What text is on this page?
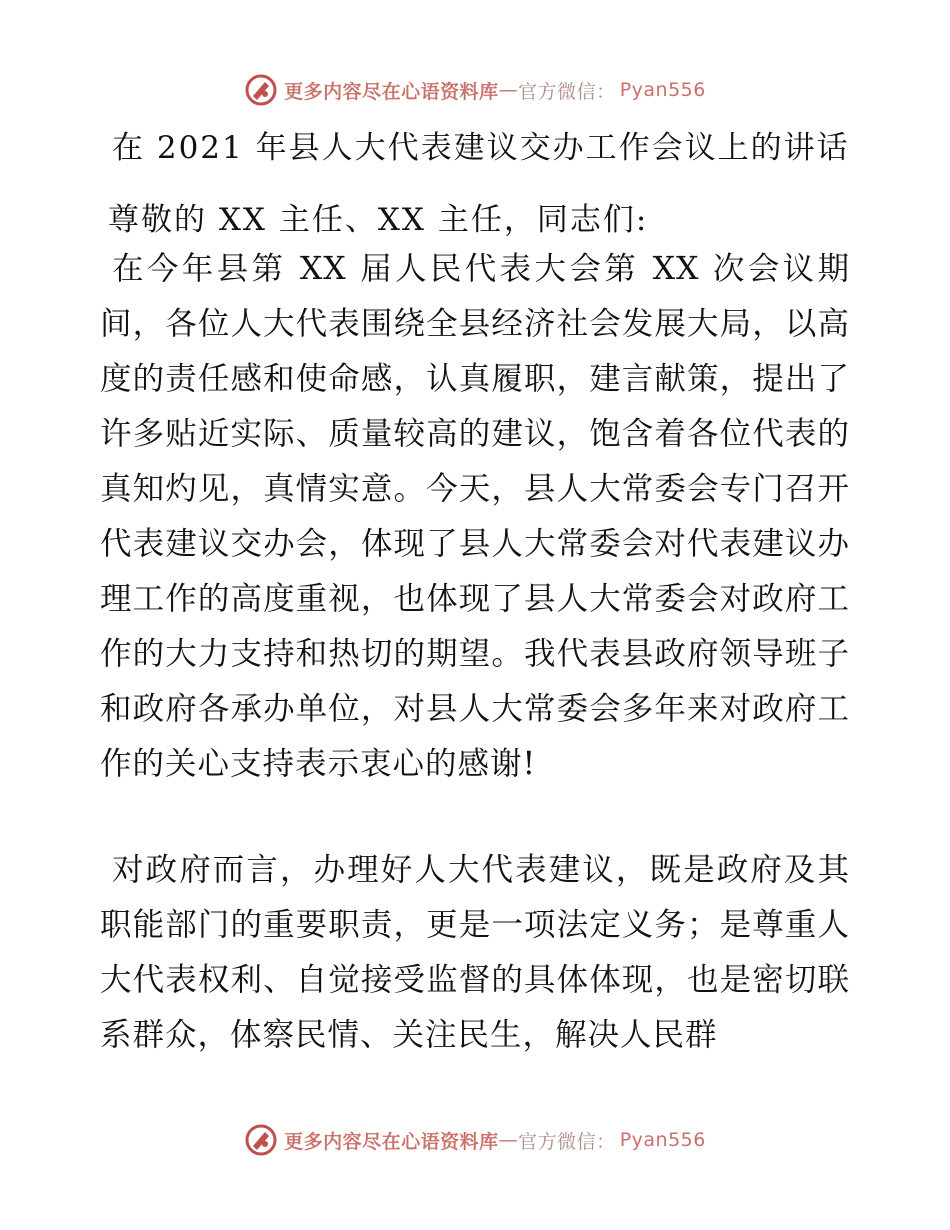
更多内容尽在心语资料库 — 官方微信： Pyan556
在 2021 年县人大代表建议交办工作会议上的讲话
尊敬的 XX 主任、XX 主任，同志们:
在今年县第 XX 届人民代表大会第 XX 次会议期间，各位人大代表围绕全县经济社会发展大局，以高度的责任感和使命感，认真履职，建言献策，提出了许多贴近实际、质量较高的建议，饱含着各位代表的真知灼见，真情实意。今天，县人大常委会专门召开代表建议交办会，体现了县人大常委会对代表建议办理工作的高度重视，也体现了县人大常委会对政府工作的大力支持和热切的期望。我代表县政府领导班子和政府各承办单位，对县人大常委会多年来对政府工作的关心支持表示衷心的感谢!
对政府而言，办理好人大代表建议，既是政府及其职能部门的重要职责，更是一项法定义务；是尊重人大代表权利、自觉接受监督的具体体现，也是密切联系群众，体察民情、关注民生，解决人民群
更多内容尽在心语资料库 — 官方微信： Pyan556
